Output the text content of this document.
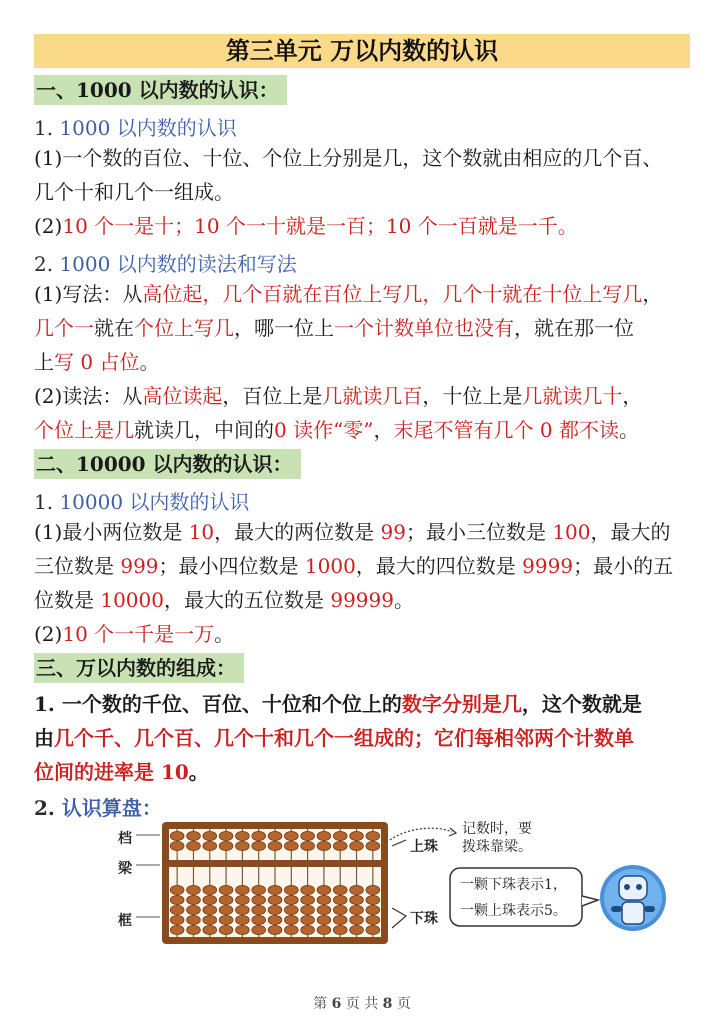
第三单元 万以内数的认识
一、1000 以内数的认识：
1. 1000 以内数的认识
(1)一个数的百位、十位、个位上分别是几，这个数就由相应的几个百、
几个十和几个一组成。
(2)10 个一是十；10 个一十就是一百；10 个一百就是一千。
2. 1000 以内数的读法和写法
(1)写法：从高位起，几个百就在百位上写几，几个十就在十位上写几，
几个一就在个位上写几，哪一位上一个计数单位也没有，就在那一位
上写 0 占位。
(2)读法：从高位读起，百位上是几就读几百，十位上是几就读几十，
个位上是几就读几，中间的0 读作“零”，末尾不管有几个 0 都不读。
二、10000 以内数的认识：
1. 10000 以内数的认识
(1)最小两位数是 10，最大的两位数是 99；最小三位数是 100，最大的
三位数是 999；最小四位数是 1000，最大的四位数是 9999；最小的五
位数是 10000，最大的五位数是 99999。
(2)10 个一千是一万。
三、万以内数的组成：
1. 一个数的千位、百位、十位和个位上的数字分别是几，这个数就是
由几个千、几个百、几个十和几个一组成的；它们每相邻两个计数单
位间的进率是 10。
2. 认识算盘：
档
梁
框
记数时，要
拨珠靠梁。
上珠
下珠
一颗下珠表示1，
一颗上珠表示5。
第 6 页 共 8 页
